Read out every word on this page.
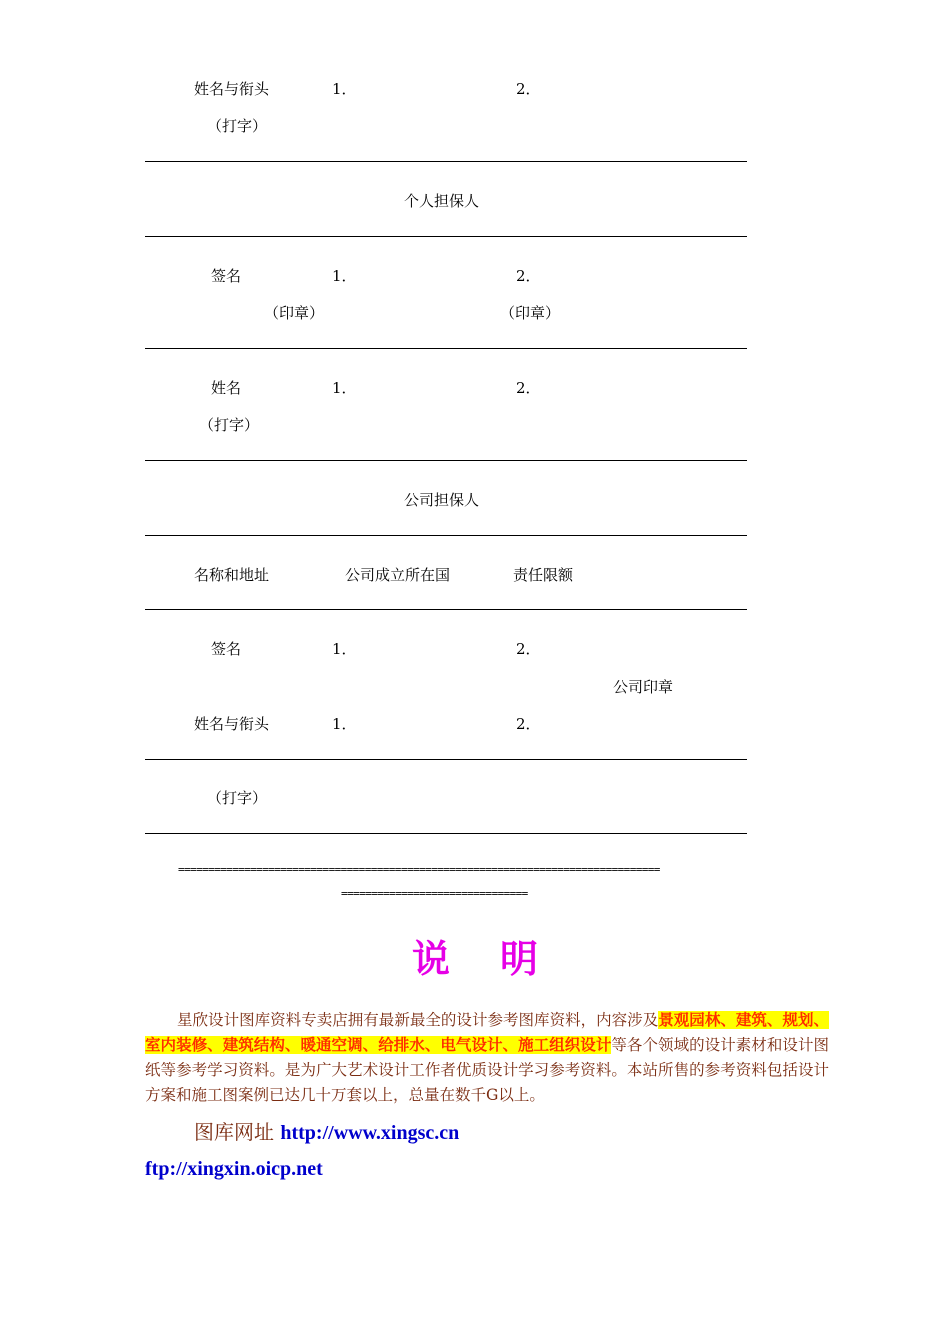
姓名与衔头	1．	2．
（打字）
个人担保人
签名	1．	2．
（印章）	（印章）
姓名	1．	2．
（打字）
公司担保人
名称和地址	公司成立所在国	责任限额
签名	1．	2．
公司印章
姓名与衔头	1．	2．
（打字）
================================================================================
===============================
说明
星欣设计图库资料专卖店拥有最新最全的设计参考图库资料，内容涉及景观园林、建筑、规划、室内装修、建筑结构、暖通空调、给排水、电气设计、施工组织设计等各个领域的设计素材和设计图纸等参考学习资料。是为广大艺术设计工作者优质设计学习参考资料。本站所售的参考资料包括设计方案和施工图案例已达几十万套以上，总量在数千G以上。
图库网址 http://www.xingsc.cn
ftp://xingxin.oicp.net
